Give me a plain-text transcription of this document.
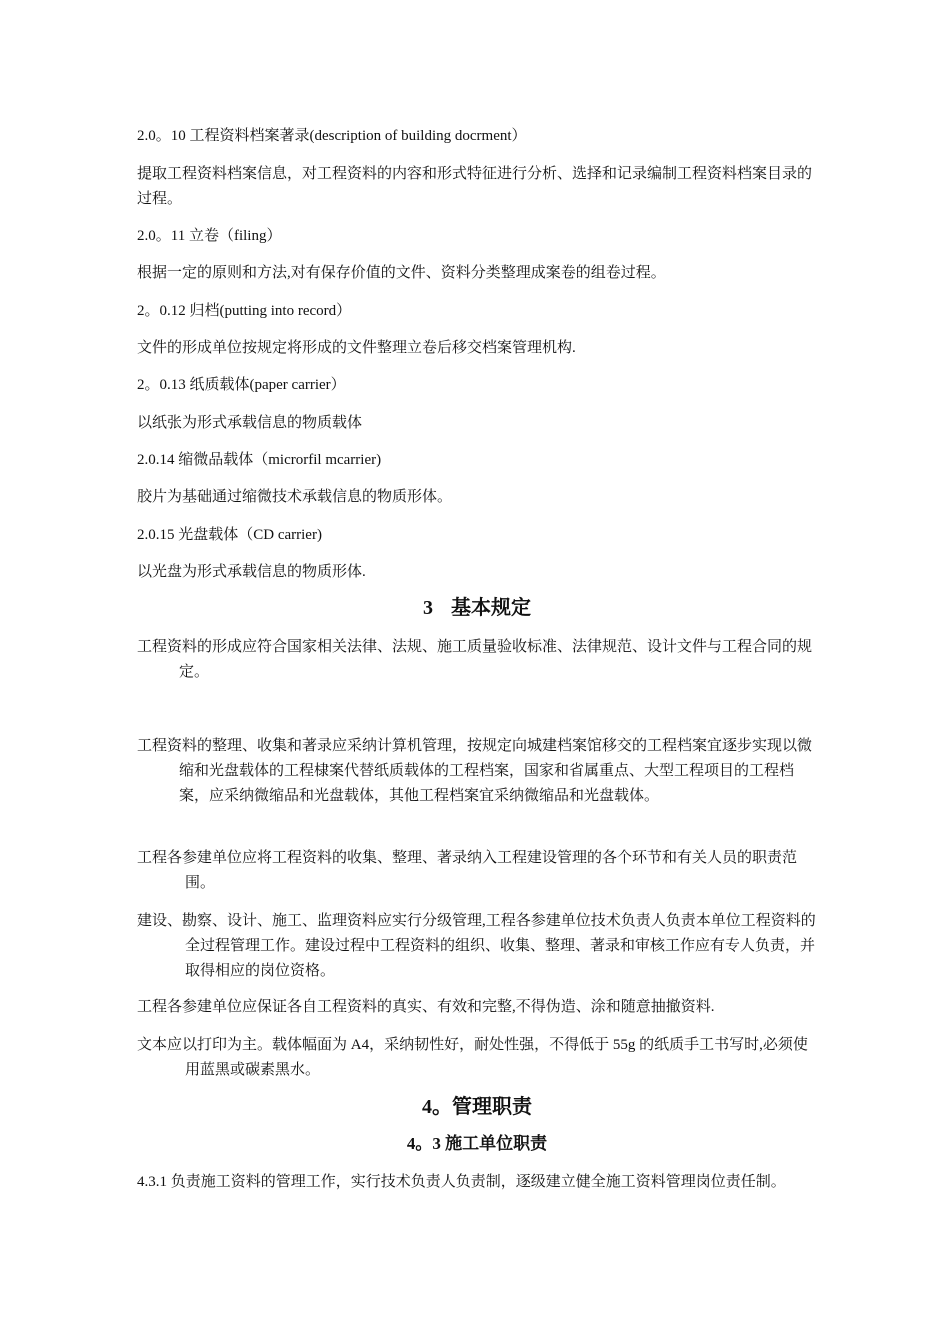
2.0。10 工程资料档案著录(description of building docrment）
提取工程资料档案信息，对工程资料的内容和形式特征进行分析、选择和记录编制工程资料档案目录的过程。
2.0。11 立卷（filing）
根据一定的原则和方法,对有保存价值的文件、资料分类整理成案卷的组卷过程。
2。0.12 归档(putting into record）
文件的形成单位按规定将形成的文件整理立卷后移交档案管理机构.
2。0.13 纸质载体(paper carrier）
以纸张为形式承载信息的物质载体
2.0.14 缩微品载体（microrfil mcarrier)
胶片为基础通过缩微技术承载信息的物质形体。
2.0.15 光盘载体（CD carrier)
以光盘为形式承载信息的物质形体.
3 基本规定
工程资料的形成应符合国家相关法律、法规、施工质量验收标准、法律规范、设计文件与工程合同的规定。
工程资料的整理、收集和著录应采纳计算机管理，按规定向城建档案馆移交的工程档案宜逐步实现以微缩和光盘载体的工程棣案代替纸质载体的工程档案，国家和省属重点、大型工程项目的工程档案，应采纳微缩品和光盘载体，其他工程档案宜采纳微缩品和光盘载体。
工程各参建单位应将工程资料的收集、整理、著录纳入工程建设管理的各个环节和有关人员的职责范围。
建设、勘察、设计、施工、监理资料应实行分级管理,工程各参建单位技术负责人负责本单位工程资料的全过程管理工作。建设过程中工程资料的组织、收集、整理、著录和审核工作应有专人负责，并取得相应的岗位资格。
工程各参建单位应保证各自工程资料的真实、有效和完整,不得伪造、涂和随意抽撤资料.
文本应以打印为主。载体幅面为 A4，采纳韧性好，耐处性强，不得低于 55g 的纸质手工书写时,必须使用蓝黑或碳素黑水。
4。管理职责
4。3 施工单位职责
4.3.1 负责施工资料的管理工作，实行技术负责人负责制，逐级建立健全施工资料管理岗位责任制。
